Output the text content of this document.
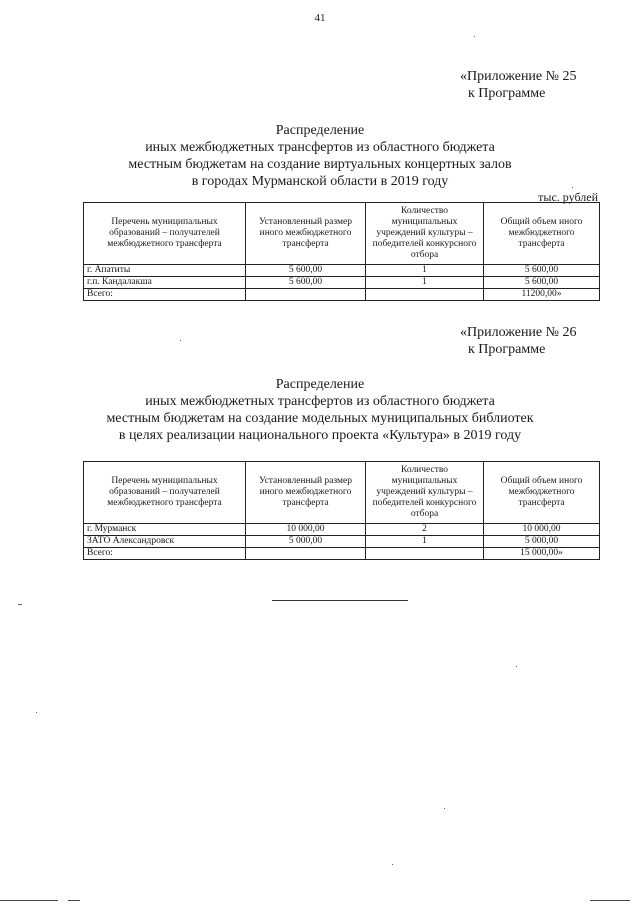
41
«Приложение № 25
к Программе
Распределение
иных межбюджетных трансфертов из областного бюджета
местным бюджетам на создание виртуальных концертных залов
в городах Мурманской области в 2019 году
тыс. рублей
Перечень муниципальных образований – получателей межбюджетного трансферта	Установленный размер иного межбюджетного трансферта	Количество муниципальных учреждений культуры – победителей конкурсного отбора	Общий объем иного межбюджетного трансферта
г. Апатиты	5 600,00	1	5 600,00
г.п. Кандалакша	5 600,00	1	5 600,00
Всего:			11200,00»
«Приложение № 26
к Программе
Распределение
иных межбюджетных трансфертов из областного бюджета
местным бюджетам на создание модельных муниципальных библиотек
в целях реализации национального проекта «Культура» в 2019 году
Перечень муниципальных образований – получателей межбюджетного трансферта	Установленный размер иного межбюджетного трансферта	Количество муниципальных учреждений культуры – победителей конкурсного отбора	Общий объем иного межбюджетного трансферта
г. Мурманск	10 000,00	2	10 000,00
ЗАТО Александровск	5 000,00	1	5 000,00
Всего:			15 000,00»
